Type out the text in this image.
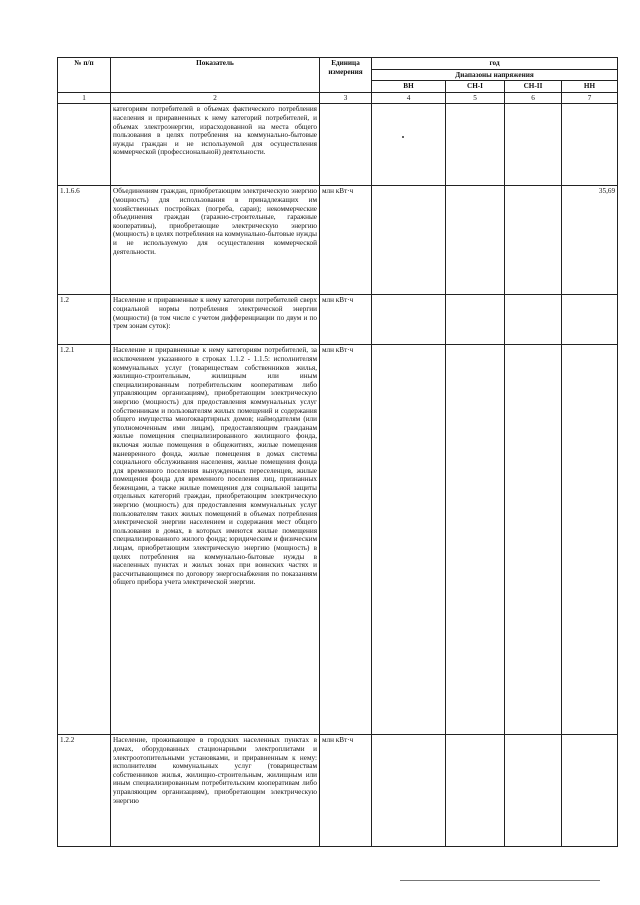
№ п/п	Показатель	Единица измерения	год			
			Диапазоны напряжения			
			ВН	СН-I	СН-II	НН
1	2	3	4	5	6	7
	категориям потребителей в объемах фактического потребления населения и приравненных к нему категорий потребителей, и объемах электроэнергии, израсходованной на места общего пользования в целях потребления на коммунально-бытовые нужды граждан и не используемой для осуществления коммерческой (профессиональной) деятельности.					
1.1.6.6	Объединениям граждан, приобретающим электрическую энергию (мощность) для использования в принадлежащих им хозяйственных постройках (погреба, сараи); некоммерческие объединения граждан (гаражно-строительные, гаражные кооперативы), приобретающие электрическую энергию (мощность) в целях потребления на коммунально-бытовые нужды и не используемую для осуществления коммерческой деятельности.	млн кВт·ч				35,69
1.2	Население и приравненные к нему категории потребителей сверх социальной нормы потребления электрической энергии (мощности) (в том числе с учетом дифференциации по двум и по трем зонам суток):	млн кВт·ч				
1.2.1	Население и приравненные к нему категориям потребителей, за исключением указанного в строках 1.1.2 - 1.1.5: исполнителям коммунальных услуг (товариществам собственников жилья, жилищно-строительным, жилищным или иным специализированным потребительским кооперативам либо управляющим организациям), приобретающим электрическую энергию (мощность) для предоставления коммунальных услуг собственникам и пользователям жилых помещений и содержания общего имущества многоквартирных домов; наймодателям (или уполномоченным ими лицам), предоставляющим гражданам жилые помещения специализированного жилищного фонда, включая жилые помещения в общежитиях, жилые помещения маневренного фонда, жилые помещения в домах системы социального обслуживания населения, жилые помещения фонда для временного поселения вынужденных переселенцев, жилые помещения фонда для временного поселения лиц, признанных беженцами, а также жилые помещения для социальной защиты отдельных категорий граждан, приобретающим электрическую энергию (мощность) для предоставления коммунальных услуг пользователям таких жилых помещений в объемах потребления электрической энергии населением и содержания мест общего пользования в домах, в которых имеются жилые помещения специализированного жилого фонда; юридическим и физическим лицам, приобретающим электрическую энергию (мощность) в целях потребления на коммунально-бытовые нужды в населенных пунктах и жилых зонах при воинских частях и рассчитывающимся по договору энергоснабжения по показаниям общего прибора учета электрической энергии.	млн кВт·ч				
1.2.2	Население, проживающее в городских населенных пунктах в домах, оборудованных стационарными электроплитами и электроотопительными установками, и приравненным к нему: исполнителям коммунальных услуг (товариществам собственников жилья, жилищно-строительным, жилищным или иным специализированным потребительским кооперативам либо управляющим организациям), приобретающим электрическую энергию	млн кВт·ч				
